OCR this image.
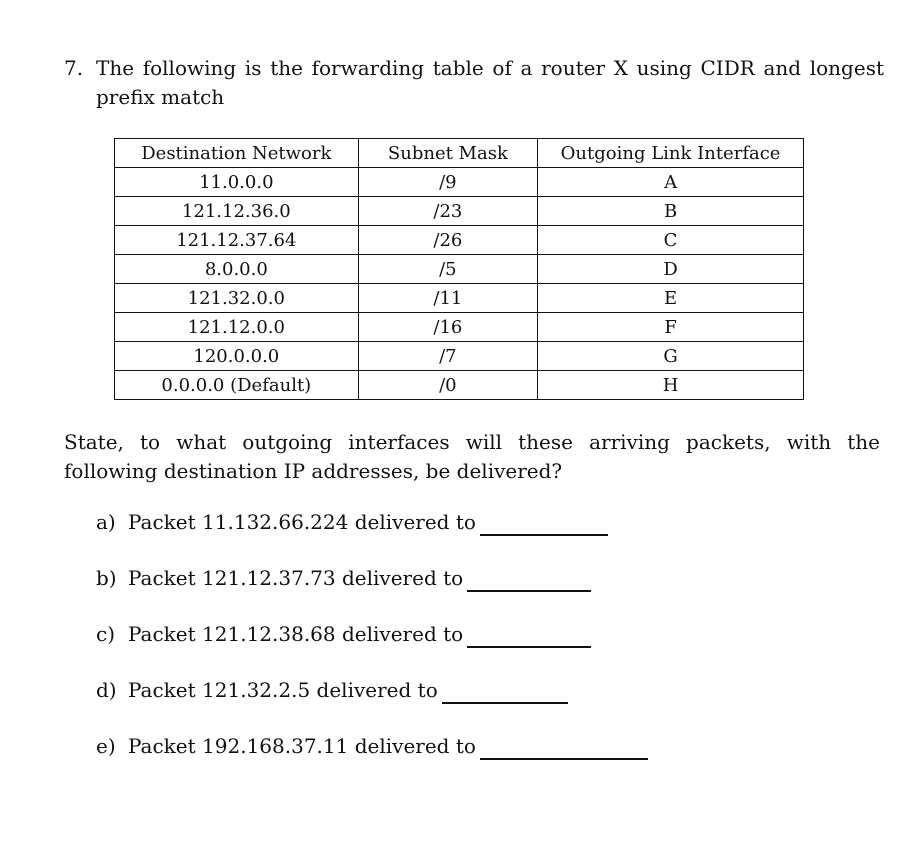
7. The following is the forwarding table of a router X using CIDR and longest prefix match
Destination Network	Subnet Mask	Outgoing Link Interface
11.0.0.0	/9	A
121.12.36.0	/23	B
121.12.37.64	/26	C
8.0.0.0	/5	D
121.32.0.0	/11	E
121.12.0.0	/16	F
120.0.0.0	/7	G
0.0.0.0 (Default)	/0	H
State, to what outgoing interfaces will these arriving packets, with the following destination IP addresses, be delivered?
a) Packet 11.132.66.224 delivered to
b) Packet 121.12.37.73 delivered to
c) Packet 121.12.38.68 delivered to
d) Packet 121.32.2.5 delivered to
e) Packet 192.168.37.11 delivered to
